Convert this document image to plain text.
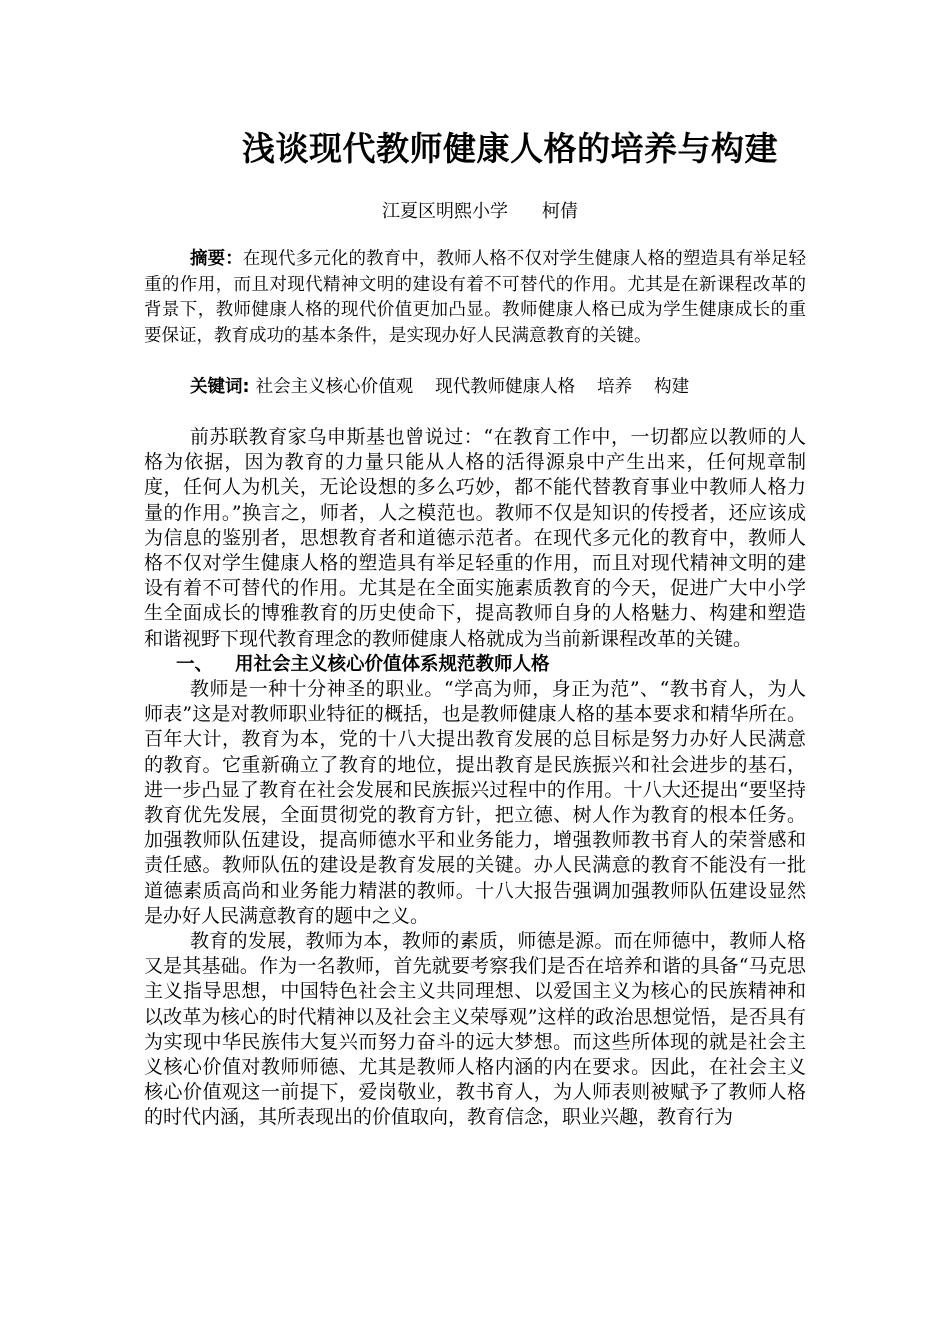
浅谈现代教师健康人格的培养与构建

江夏区明熙小学 柯倩

摘要：在现代多元化的教育中，教师人格不仅对学生健康人格的塑造具有举足轻重的作用，而且对现代精神文明的建设有着不可替代的作用。尤其是在新课程改革的背景下，教师健康人格的现代价值更加凸显。教师健康人格已成为学生健康成长的重要保证，教育成功的基本条件，是实现办好人民满意教育的关键。

关键词: 社会主义核心价值观 现代教师健康人格 培养 构建

前苏联教育家乌申斯基也曾说过：“在教育工作中，一切都应以教师的人格为依据，因为教育的力量只能从人格的活得源泉中产生出来，任何规章制度，任何人为机关，无论设想的多么巧妙，都不能代替教育事业中教师人格力量的作用。”换言之，师者，人之模范也。教师不仅是知识的传授者，还应该成为信息的鉴别者，思想教育者和道德示范者。在现代多元化的教育中，教师人格不仅对学生健康人格的塑造具有举足轻重的作用，而且对现代精神文明的建设有着不可替代的作用。尤其是在全面实施素质教育的今天，促进广大中小学生全面成长的博雅教育的历史使命下，提高教师自身的人格魅力、构建和塑造和谐视野下现代教育理念的教师健康人格就成为当前新课程改革的关键。

一、 用社会主义核心价值体系规范教师人格

教师是一种十分神圣的职业。“学高为师，身正为范”、“教书育人，为人师表”这是对教师职业特征的概括，也是教师健康人格的基本要求和精华所在。百年大计，教育为本，党的十八大提出教育发展的总目标是努力办好人民满意的教育。它重新确立了教育的地位，提出教育是民族振兴和社会进步的基石，进一步凸显了教育在社会发展和民族振兴过程中的作用。十八大还提出“要坚持教育优先发展，全面贯彻党的教育方针，把立德、树人作为教育的根本任务。加强教师队伍建设，提高师德水平和业务能力，增强教师教书育人的荣誉感和责任感。教师队伍的建设是教育发展的关键。办人民满意的教育不能没有一批道德素质高尚和业务能力精湛的教师。十八大报告强调加强教师队伍建设显然是办好人民满意教育的题中之义。

教育的发展，教师为本，教师的素质，师德是源。而在师德中，教师人格又是其基础。作为一名教师，首先就要考察我们是否在培养和谐的具备“马克思主义指导思想，中国特色社会主义共同理想、以爱国主义为核心的民族精神和以改革为核心的时代精神以及社会主义荣辱观”这样的政治思想觉悟，是否具有为实现中华民族伟大复兴而努力奋斗的远大梦想。而这些所体现的就是社会主义核心价值对教师师德、尤其是教师人格内涵的内在要求。因此，在社会主义核心价值观这一前提下，爱岗敬业，教书育人，为人师表则被赋予了教师人格的时代内涵，其所表现出的价值取向，教育信念，职业兴趣，教育行为
